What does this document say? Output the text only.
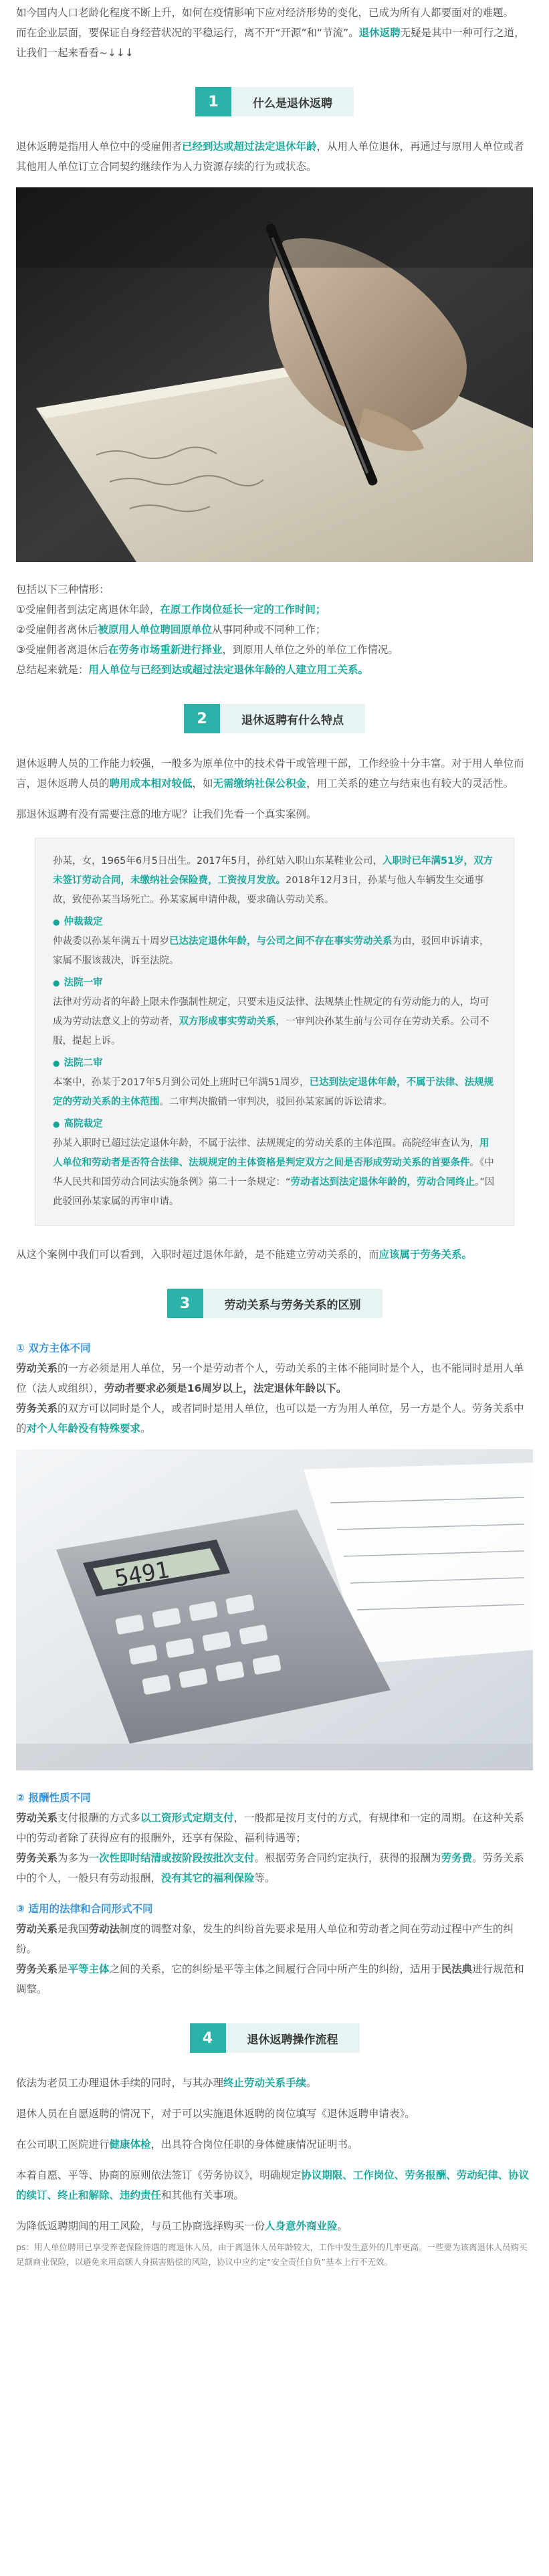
如今国内人口老龄化程度不断上升，如何在疫情影响下应对经济形势的变化，已成为所有人都要面对的难题。
而在企业层面，要保证自身经营状况的平稳运行，离不开“开源”和“节流”。退休返聘无疑是其中一种可行之道，让我们一起来看看~↓↓↓

1	什么是退休返聘

退休返聘是指用人单位中的受雇佣者已经到达或超过法定退休年龄，从用人单位退休，再通过与原用人单位或者其他用人单位订立合同契约继续作为人力资源存续的行为或状态。

包括以下三种情形：

①受雇佣者到法定离退休年龄，在原工作岗位延长一定的工作时间；

②受雇佣者离休后被原用人单位聘回原单位从事同种或不同种工作；

③受雇佣者离退休后在劳务市场重新进行择业，到原用人单位之外的单位工作情况。

总结起来就是：用人单位与已经到达或超过法定退休年龄的人建立用工关系。

2	退休返聘有什么特点

退休返聘人员的工作能力较强，一般多为原单位中的技术骨干或管理干部，工作经验十分丰富。对于用人单位而言，退休返聘人员的聘用成本相对较低，如无需缴纳社保公积金，用工关系的建立与结束也有较大的灵活性。

那退休返聘有没有需要注意的地方呢？让我们先看一个真实案例。

孙某，女，1965年6月5日出生。2017年5月，孙红姑入职山东某鞋业公司，入职时已年满51岁，双方未签订劳动合同，未缴纳社会保险费，工资按月发放。2018年12月3日，孙某与他人车辆发生交通事故，致使孙某当场死亡。孙某家属申请仲裁，要求确认劳动关系。

● 仲裁裁定

仲裁委以孙某年满五十周岁已达法定退休年龄，与公司之间不存在事实劳动关系为由，驳回申诉请求，家属不服该裁决，诉至法院。

● 法院一审

法律对劳动者的年龄上限未作强制性规定，只要未违反法律、法规禁止性规定的有劳动能力的人，均可成为劳动法意义上的劳动者，双方形成事实劳动关系，一审判决孙某生前与公司存在劳动关系。公司不服，提起上诉。

● 法院二审

本案中，孙某于2017年5月到公司处上班时已年满51周岁，已达到法定退休年龄，不属于法律、法规规定的劳动关系的主体范围。二审判决撤销一审判决，驳回孙某家属的诉讼请求。

● 高院裁定

孙某入职时已超过法定退休年龄，不属于法律、法规规定的劳动关系的主体范围。高院经审查认为，用人单位和劳动者是否符合法律、法规规定的主体资格是判定双方之间是否形成劳动关系的首要条件。《中华人民共和国劳动合同法实施条例》第二十一条规定：“劳动者达到法定退休年龄的，劳动合同终止。”因此驳回孙某家属的再审申请。

从这个案例中我们可以看到，入职时超过退休年龄，是不能建立劳动关系的，而应该属于劳务关系。

3	劳动关系与劳务关系的区别

① 双方主体不同

劳动关系的一方必须是用人单位，另一个是劳动者个人，劳动关系的主体不能同时是个人，也不能同时是用人单位（法人或组织），劳动者要求必须是16周岁以上，法定退休年龄以下。

劳务关系的双方可以同时是个人，或者同时是用人单位，也可以是一方为用人单位，另一方是个人。劳务关系中的对个人年龄没有特殊要求。

5491

② 报酬性质不同

劳动关系支付报酬的方式多以工资形式定期支付，一般都是按月支付的方式，有规律和一定的周期。在这种关系中的劳动者除了获得应有的报酬外，还享有保险、福利待遇等；

劳务关系为多为一次性即时结清或按阶段按批次支付。根据劳务合同约定执行，获得的报酬为劳务费。劳务关系中的个人，一般只有劳动报酬，没有其它的福利保险等。

③ 适用的法律和合同形式不同

劳动关系是我国劳动法制度的调整对象，发生的纠纷首先要求是用人单位和劳动者之间在劳动过程中产生的纠纷。

劳务关系是平等主体之间的关系，它的纠纷是平等主体之间履行合同中所产生的纠纷，适用于民法典进行规范和调整。

4	退休返聘操作流程

依法为老员工办理退休手续的同时，与其办理终止劳动关系手续。

退休人员在自愿返聘的情况下，对于可以实施退休返聘的岗位填写《退休返聘申请表》。

在公司职工医院进行健康体检，出具符合岗位任职的身体健康情况证明书。

本着自愿、平等、协商的原则依法签订《劳务协议》，明确规定协议期限、工作岗位、劳务报酬、劳动纪律、协议的续订、终止和解除、违约责任和其他有关事项。

为降低返聘期间的用工风险，与员工协商选择购买一份人身意外商业险。

ps：用人单位聘用已享受养老保险待遇的离退休人员，由于离退休人员年龄较大，工作中发生意外的几率更高。一些要为该离退休人员购买足额商业保险，以避免来用高额人身损害赔偿的风险，协议中应约定“安全责任自负”基本上行不无效。
